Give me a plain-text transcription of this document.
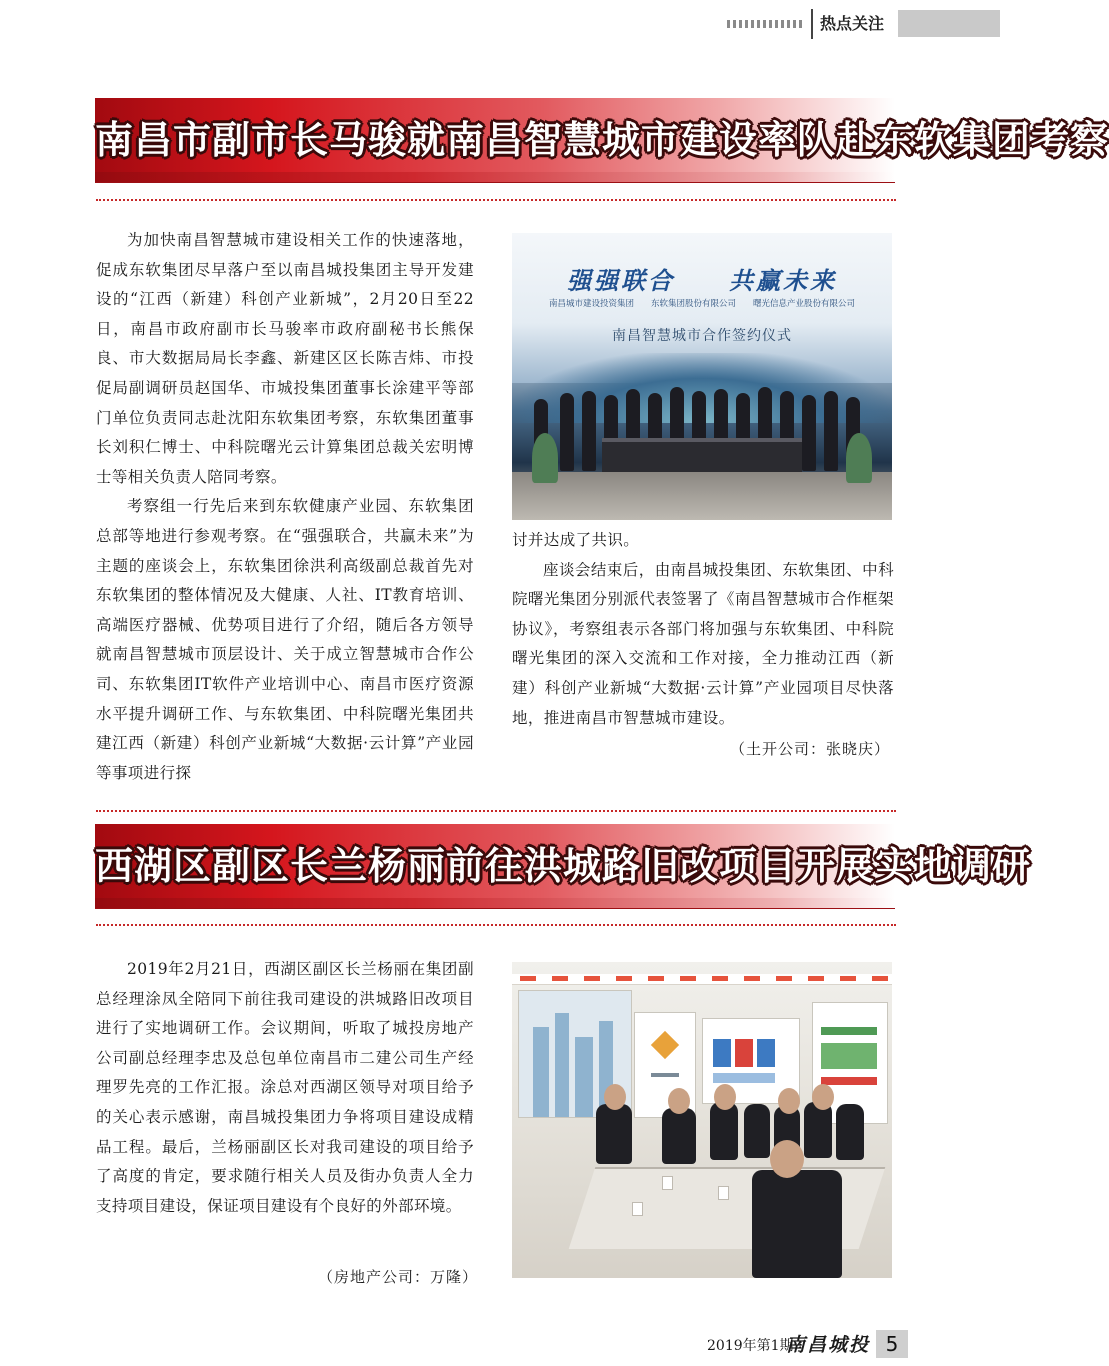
热点关注
南昌市副市长马骏就南昌智慧城市建设率队赴东软集团考察

为加快南昌智慧城市建设相关工作的快速落地，促成东软集团尽早落户至以南昌城投集团主导开发建设的“江西（新建）科创产业新城”，2月20日至22日，南昌市政府副市长马骏率市政府副秘书长熊保良、市大数据局局长李鑫、新建区区长陈吉炜、市投促局副调研员赵国华、市城投集团董事长涂建平等部门单位负责同志赴沈阳东软集团考察，东软集团董事长刘积仁博士、中科院曙光云计算集团总裁关宏明博士等相关负责人陪同考察。

考察组一行先后来到东软健康产业园、东软集团总部等地进行参观考察。在“强强联合，共赢未来”为主题的座谈会上，东软集团徐洪利高级副总裁首先对东软集团的整体情况及大健康、人社、IT教育培训、高端医疗器械、优势项目进行了介绍，随后各方领导就南昌智慧城市顶层设计、关于成立智慧城市合作公司、东软集团IT软件产业培训中心、南昌市医疗资源水平提升调研工作、与东软集团、中科院曙光集团共建江西（新建）科创产业新城“大数据·云计算”产业园等事项进行探

强强联合　　共赢未来
南昌城市建设投资集团　　东软集团股份有限公司　　曙光信息产业股份有限公司
南昌智慧城市合作签约仪式

讨并达成了共识。

座谈会结束后，由南昌城投集团、东软集团、中科院曙光集团分别派代表签署了《南昌智慧城市合作框架协议》，考察组表示各部门将加强与东软集团、中科院曙光集团的深入交流和工作对接，全力推动江西（新建）科创产业新城“大数据·云计算”产业园项目尽快落地，推进南昌市智慧城市建设。

（土开公司：张晓庆）
西湖区副区长兰杨丽前往洪城路旧改项目开展实地调研

2019年2月21日，西湖区副区长兰杨丽在集团副总经理涂凤全陪同下前往我司建设的洪城路旧改项目进行了实地调研工作。会议期间，听取了城投房地产公司副总经理李忠及总包单位南昌市二建公司生产经理罗先亮的工作汇报。涂总对西湖区领导对项目给予的关心表示感谢，南昌城投集团力争将项目建设成精品工程。最后，兰杨丽副区长对我司建设的项目给予了高度的肯定，要求随行相关人员及街办负责人全力支持项目建设，保证项目建设有个良好的外部环境。

（房地产公司：万隆）
2019年第1期
南昌城投 5
